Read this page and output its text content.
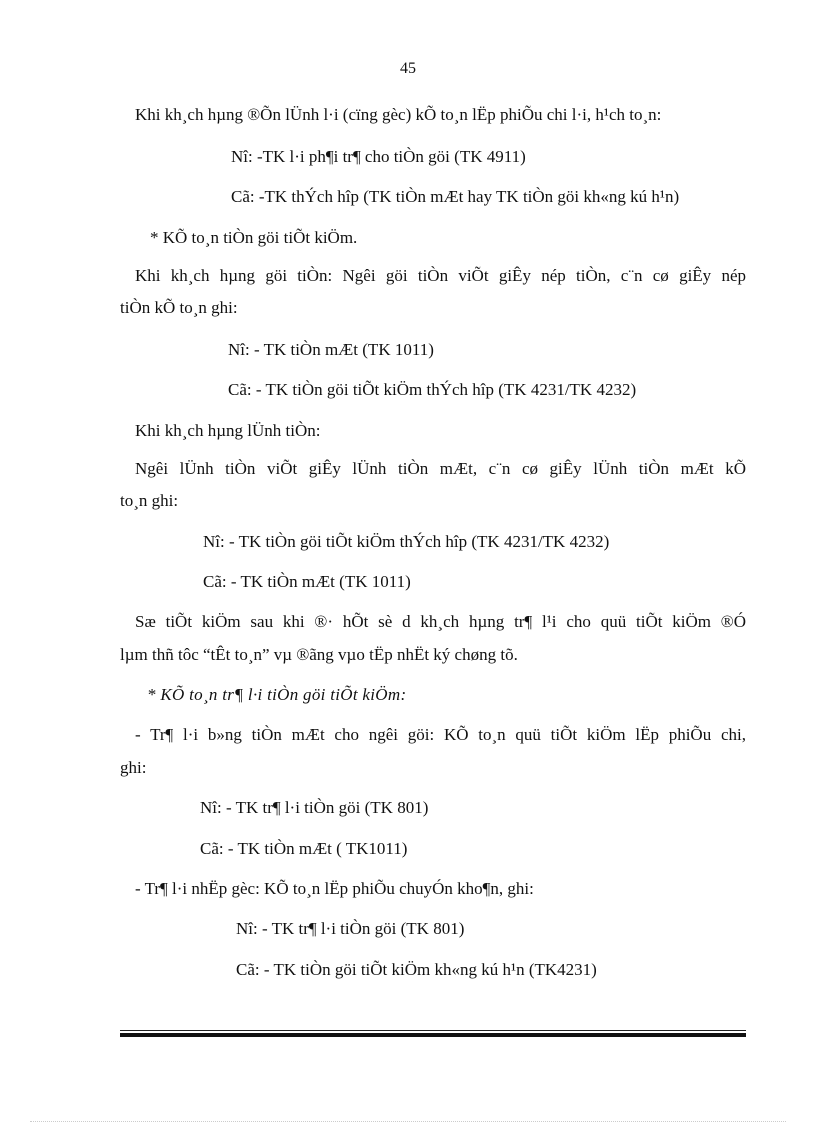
45
Khi kh¸ch hµng ®Õn lÜnh l·i (cïng gèc) kÕ to¸n lËp phiÕu chi l·i, h¹ch to¸n:
Nî: -TK l·i ph¶i tr¶ cho tiÒn göi (TK 4911)
Cã: -TK thÝch hîp (TK tiÒn mÆt hay TK tiÒn göi kh«ng kú h¹n)
* KÕ to¸n tiÒn göi tiÕt kiÖm.
Khi kh¸ch hµng göi tiÒn: Ngêi göi tiÒn viÕt giÊy nép tiÒn, c¨n cø giÊy nép
tiÒn kÕ to¸n ghi:
Nî: - TK tiÒn mÆt (TK 1011)
Cã: - TK tiÒn göi tiÕt kiÖm thÝch hîp (TK 4231/TK 4232)
Khi kh¸ch hµng lÜnh tiÒn:
Ngêi lÜnh tiÒn viÕt giÊy lÜnh tiÒn mÆt, c¨n cø giÊy lÜnh tiÒn mÆt kÕ
to¸n ghi:
Nî: - TK tiÒn göi tiÕt kiÖm thÝch hîp (TK 4231/TK 4232)
Cã: - TK tiÒn mÆt (TK 1011)
Sæ tiÕt kiÖm sau khi ®· hÕt sè d kh¸ch hµng tr¶ l¹i cho quü tiÕt kiÖm ®Ó
lµm thñ tôc “tÊt to¸n” vµ ®ãng vµo tËp nhËt ký chøng tõ.
* KÕ to¸n tr¶ l·i tiÒn göi tiÕt kiÖm:
- Tr¶ l·i b»ng tiÒn mÆt cho ngêi göi: KÕ to¸n quü tiÕt kiÖm lËp phiÕu chi,
ghi:
Nî: - TK tr¶ l·i tiÒn göi (TK 801)
Cã: - TK tiÒn mÆt ( TK1011)
- Tr¶ l·i nhËp gèc: KÕ to¸n lËp phiÕu chuyÓn kho¶n, ghi:
Nî: - TK tr¶ l·i tiÒn göi (TK 801)
Cã: - TK tiÒn göi tiÕt kiÖm kh«ng kú h¹n (TK4231)
